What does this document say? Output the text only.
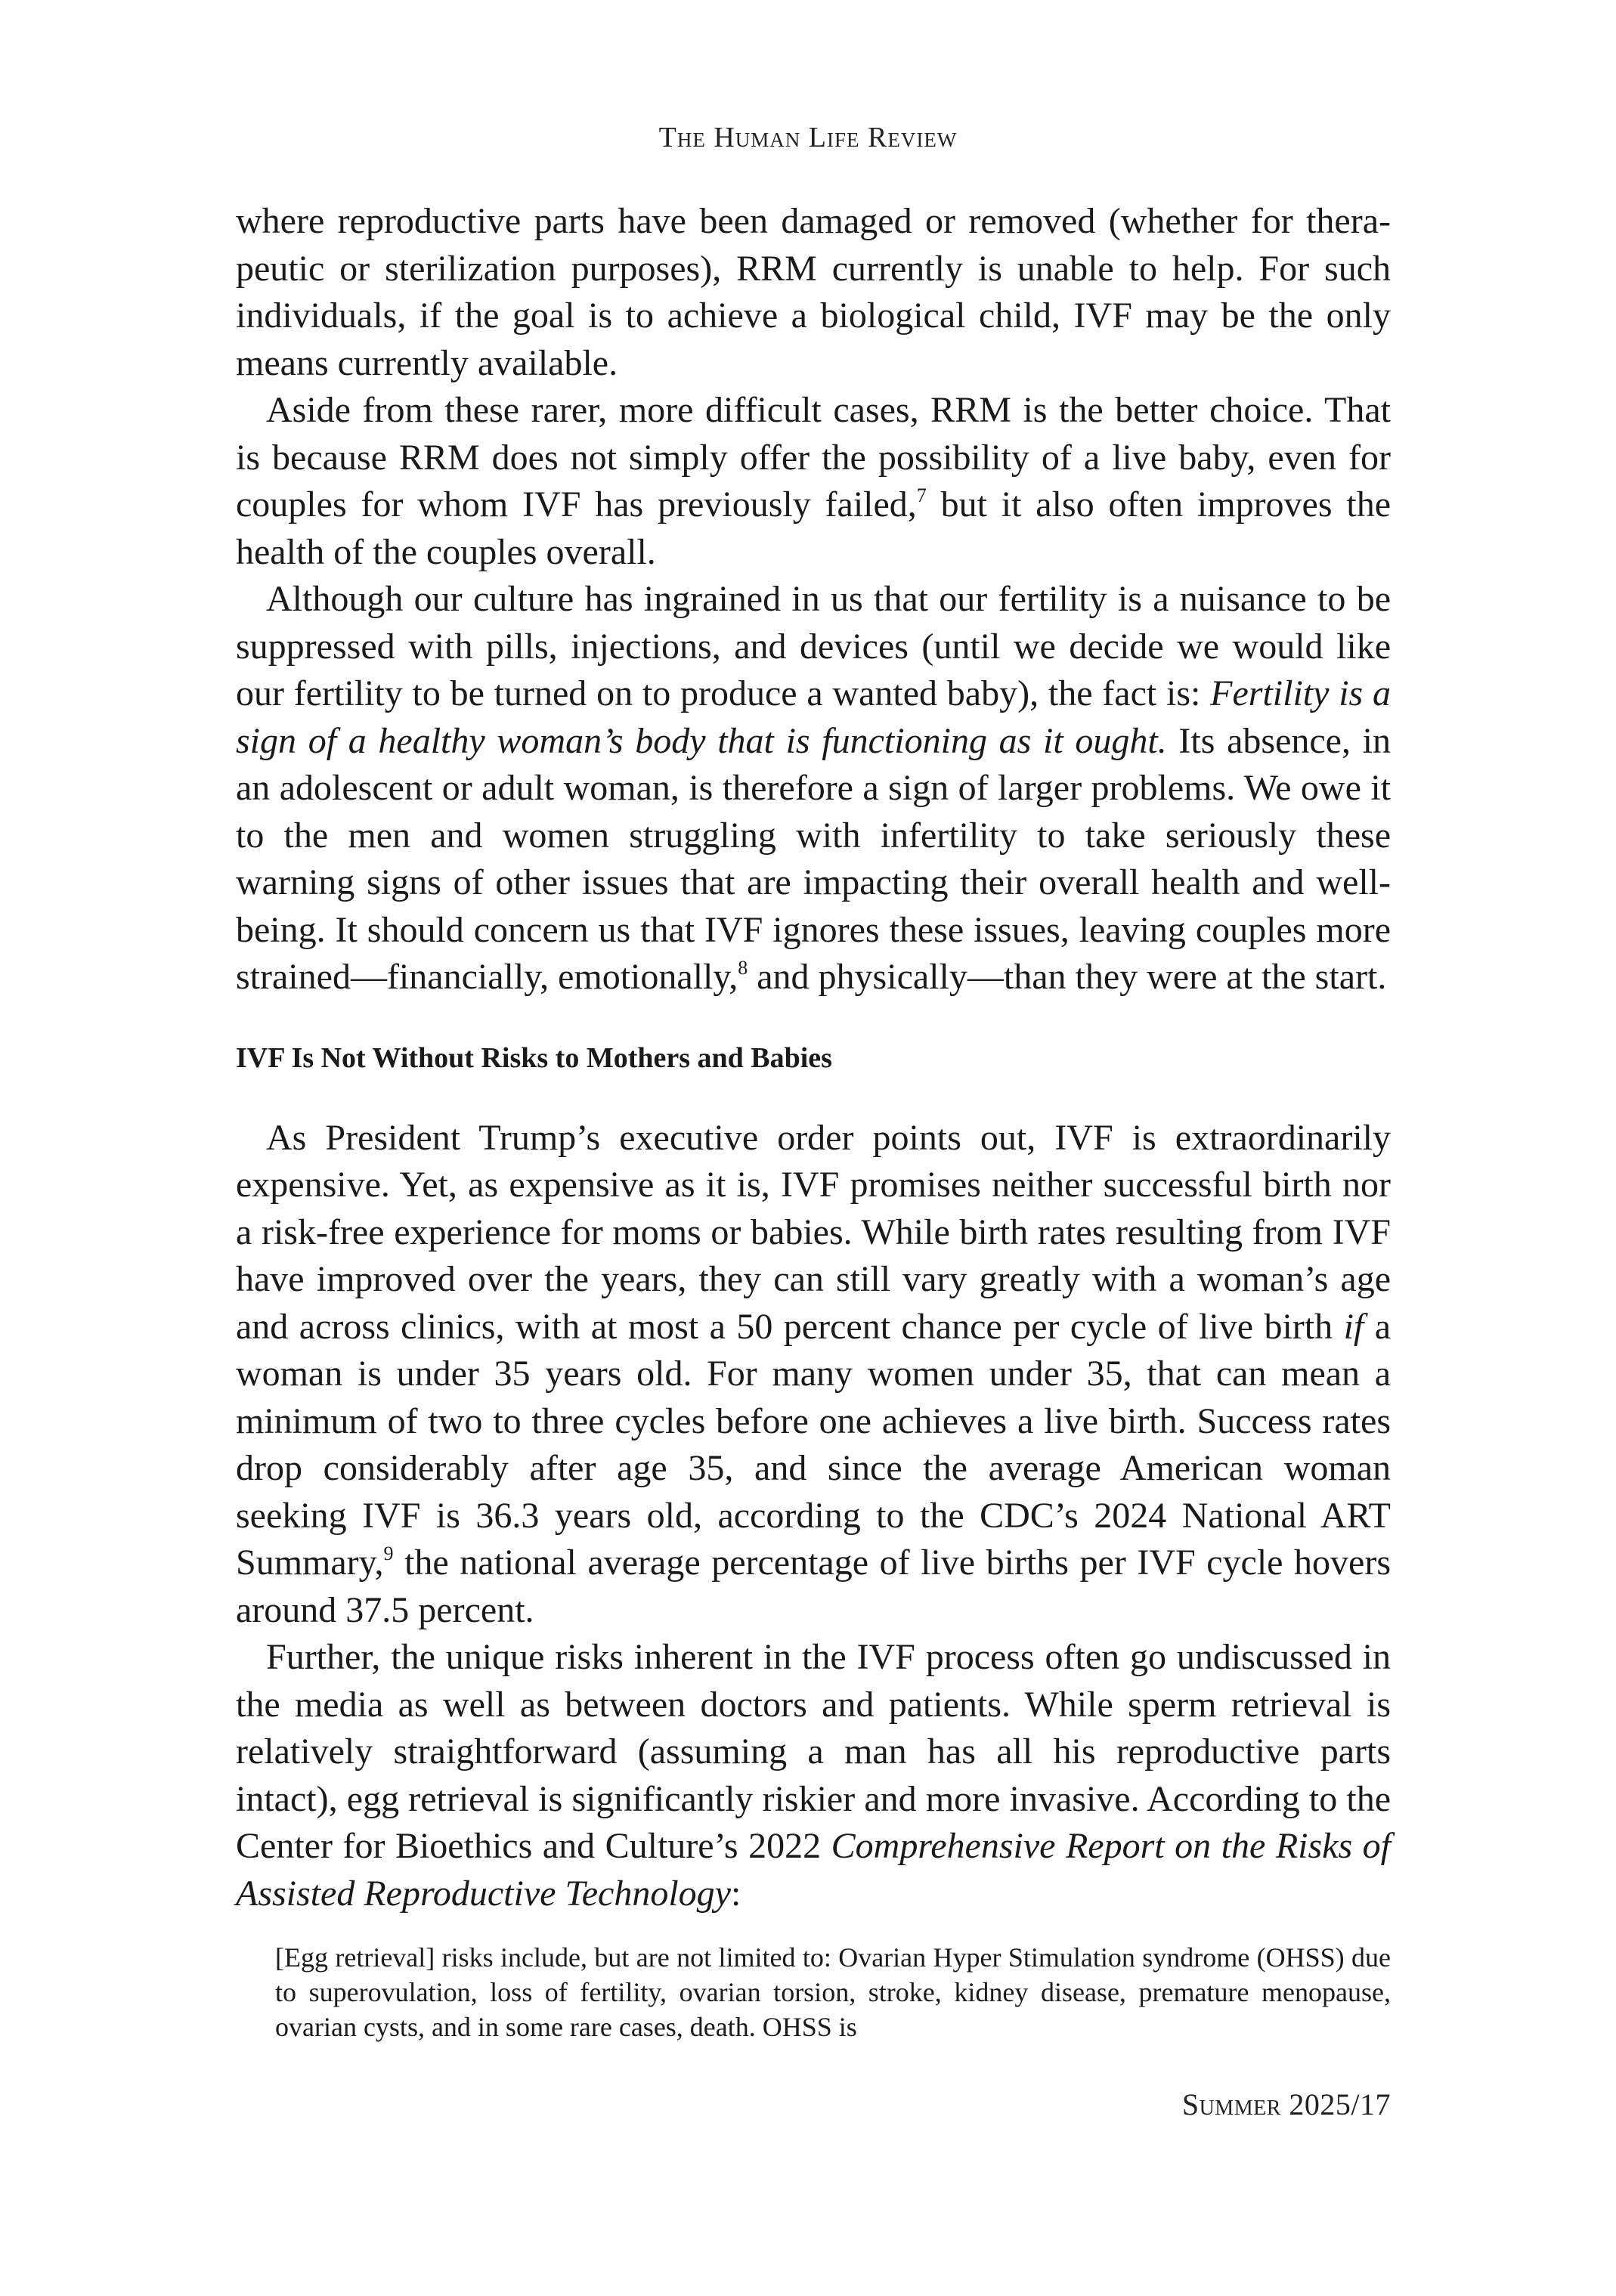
The Human Life Review

where reproductive parts have been damaged or removed (whether for therapeutic or sterilization purposes), RRM currently is unable to help. For such individuals, if the goal is to achieve a biological child, IVF may be the only means currently available.

Aside from these rarer, more difficult cases, RRM is the better choice. That is because RRM does not simply offer the possibility of a live baby, even for couples for whom IVF has previously failed,$^7$ but it also often improves the health of the couples overall.

Although our culture has ingrained in us that our fertility is a nuisance to be suppressed with pills, injections, and devices (until we decide we would like our fertility to be turned on to produce a wanted baby), the fact is: Fertility is a sign of a healthy woman’s body that is functioning as it ought. Its absence, in an adolescent or adult woman, is therefore a sign of larger problems. We owe it to the men and women struggling with infertility to take seriously these warning signs of other issues that are impacting their overall health and well-being. It should concern us that IVF ignores these issues, leaving couples more strained—financially, emotionally,$^8$ and physically—than they were at the start.

IVF Is Not Without Risks to Mothers and Babies

As President Trump’s executive order points out, IVF is extraordinarily expensive. Yet, as expensive as it is, IVF promises neither successful birth nor a risk-free experience for moms or babies. While birth rates resulting from IVF have improved over the years, they can still vary greatly with a woman’s age and across clinics, with at most a 50 percent chance per cycle of live birth if a woman is under 35 years old. For many women under 35, that can mean a minimum of two to three cycles before one achieves a live birth. Success rates drop considerably after age 35, and since the average American woman seeking IVF is 36.3 years old, according to the CDC’s 2024 National ART Summary,$^9$ the national average percentage of live births per IVF cycle hovers around 37.5 percent.

Further, the unique risks inherent in the IVF process often go undiscussed in the media as well as between doctors and patients. While sperm retrieval is relatively straightforward (assuming a man has all his reproductive parts intact), egg retrieval is significantly riskier and more invasive. According to the Center for Bioethics and Culture’s 2022 Comprehensive Report on the Risks of Assisted Reproductive Technology:

[Egg retrieval] risks include, but are not limited to: Ovarian Hyper Stimulation syndrome (OHSS) due to superovulation, loss of fertility, ovarian torsion, stroke, kidney disease, premature menopause, ovarian cysts, and in some rare cases, death. OHSS is
Summer 2025/17
